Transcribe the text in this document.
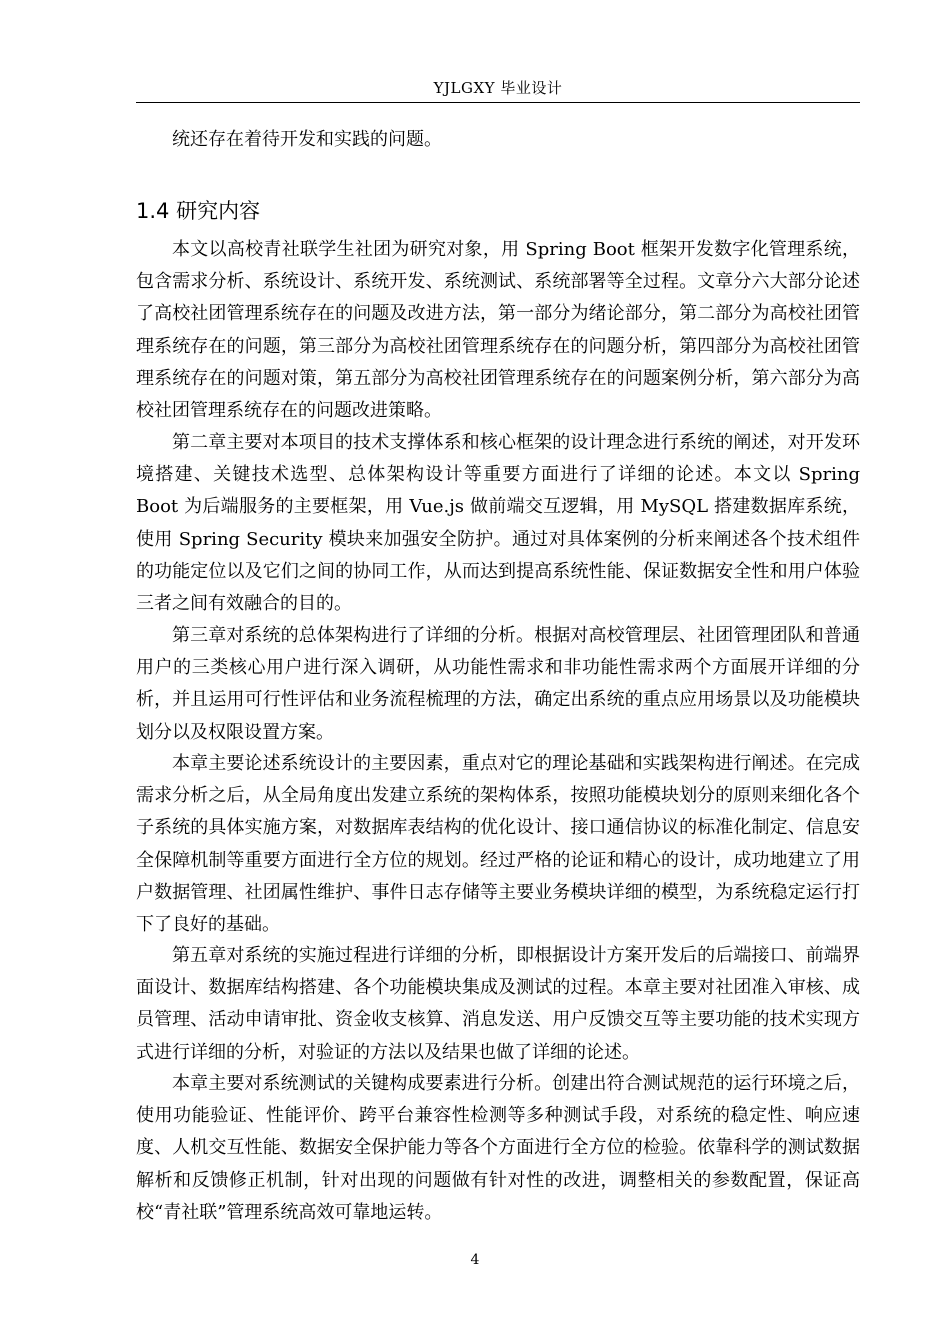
YJLGXY 毕业设计

统还存在着待开发和实践的问题。

1.4 研究内容

本文以高校青社联学生社团为研究对象，用 Spring Boot 框架开发数字化管理系统，包含需求分析、系统设计、系统开发、系统测试、系统部署等全过程。文章分六大部分论述了高校社团管理系统存在的问题及改进方法，第一部分为绪论部分，第二部分为高校社团管理系统存在的问题，第三部分为高校社团管理系统存在的问题分析，第四部分为高校社团管理系统存在的问题对策，第五部分为高校社团管理系统存在的问题案例分析，第六部分为高校社团管理系统存在的问题改进策略。

第二章主要对本项目的技术支撑体系和核心框架的设计理念进行系统的阐述，对开发环境搭建、关键技术选型、总体架构设计等重要方面进行了详细的论述。本文以 Spring Boot 为后端服务的主要框架，用 Vue.js 做前端交互逻辑，用 MySQL 搭建数据库系统，使用 Spring Security 模块来加强安全防护。通过对具体案例的分析来阐述各个技术组件的功能定位以及它们之间的协同工作，从而达到提高系统性能、保证数据安全性和用户体验三者之间有效融合的目的。

第三章对系统的总体架构进行了详细的分析。根据对高校管理层、社团管理团队和普通用户的三类核心用户进行深入调研，从功能性需求和非功能性需求两个方面展开详细的分析，并且运用可行性评估和业务流程梳理的方法，确定出系统的重点应用场景以及功能模块划分以及权限设置方案。

本章主要论述系统设计的主要因素，重点对它的理论基础和实践架构进行阐述。在完成需求分析之后，从全局角度出发建立系统的架构体系，按照功能模块划分的原则来细化各个子系统的具体实施方案，对数据库表结构的优化设计、接口通信协议的标准化制定、信息安全保障机制等重要方面进行全方位的规划。经过严格的论证和精心的设计，成功地建立了用户数据管理、社团属性维护、事件日志存储等主要业务模块详细的模型，为系统稳定运行打下了良好的基础。

第五章对系统的实施过程进行详细的分析，即根据设计方案开发后的后端接口、前端界面设计、数据库结构搭建、各个功能模块集成及测试的过程。本章主要对社团准入审核、成员管理、活动申请审批、资金收支核算、消息发送、用户反馈交互等主要功能的技术实现方式进行详细的分析，对验证的方法以及结果也做了详细的论述。

本章主要对系统测试的关键构成要素进行分析。创建出符合测试规范的运行环境之后，使用功能验证、性能评价、跨平台兼容性检测等多种测试手段，对系统的稳定性、响应速度、人机交互性能、数据安全保护能力等各个方面进行全方位的检验。依靠科学的测试数据解析和反馈修正机制，针对出现的问题做有针对性的改进，调整相关的参数配置，保证高校“青社联”管理系统高效可靠地运转。

4
